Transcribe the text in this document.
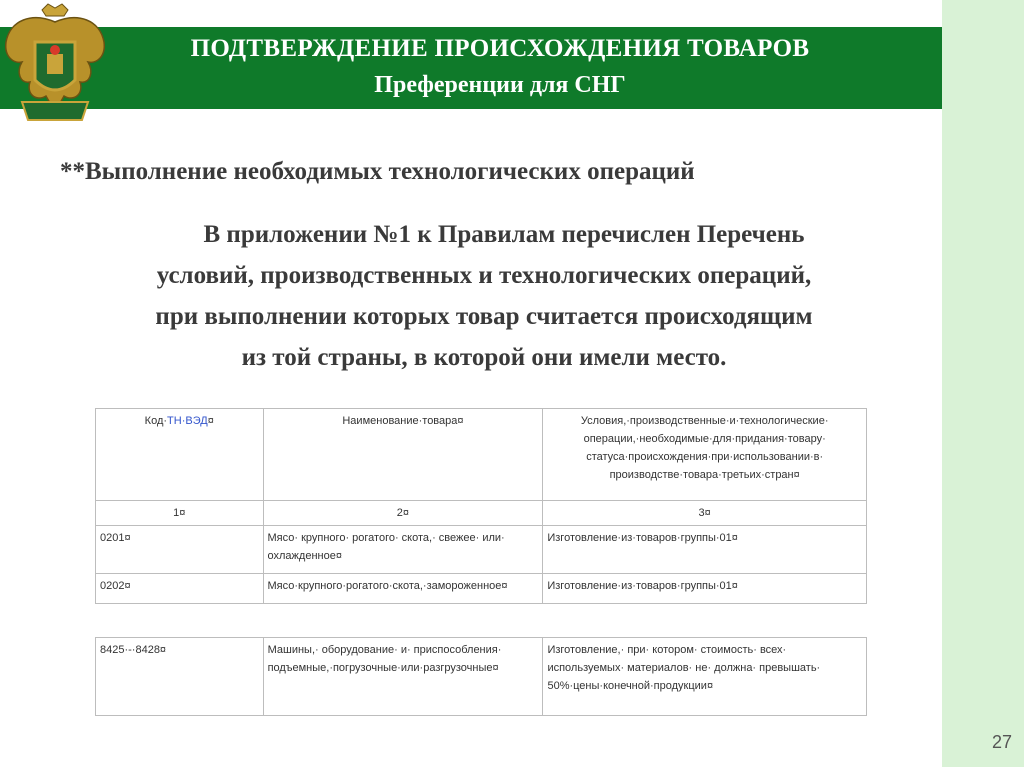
ПОДТВЕРЖДЕНИЕ ПРОИСХОЖДЕНИЯ ТОВАРОВ
Преференции для СНГ
**Выполнение необходимых технологических операций
В приложении №1 к Правилам перечислен Перечень
условий, производственных и технологических операций,
при выполнении которых товар считается происходящим
из той страны, в которой они имели место.
Код·ТН·ВЭД¤	Наименование·товара¤	Условия,·производственные·и·технологические· операции,·необходимые·для·придания·товару· статуса·происхождения·при·использовании·в· производстве·товара·третьих·стран¤
1¤	2¤	3¤
0201¤	Мясо· крупного· рогатого· скота,· свежее· или· охлажденное¤	Изготовление·из·товаров·группы·01¤
0202¤	Мясо·крупного·рогатого·скота,·замороженное¤	Изготовление·из·товаров·группы·01¤
8425·-·8428¤	Машины,· оборудование· и· приспособления· подъемные,·погрузочные·или·разгрузочные¤	Изготовление,· при· котором· стоимость· всех· используемых· материалов· не· должна· превышать· 50%·цены·конечной·продукции¤
27
